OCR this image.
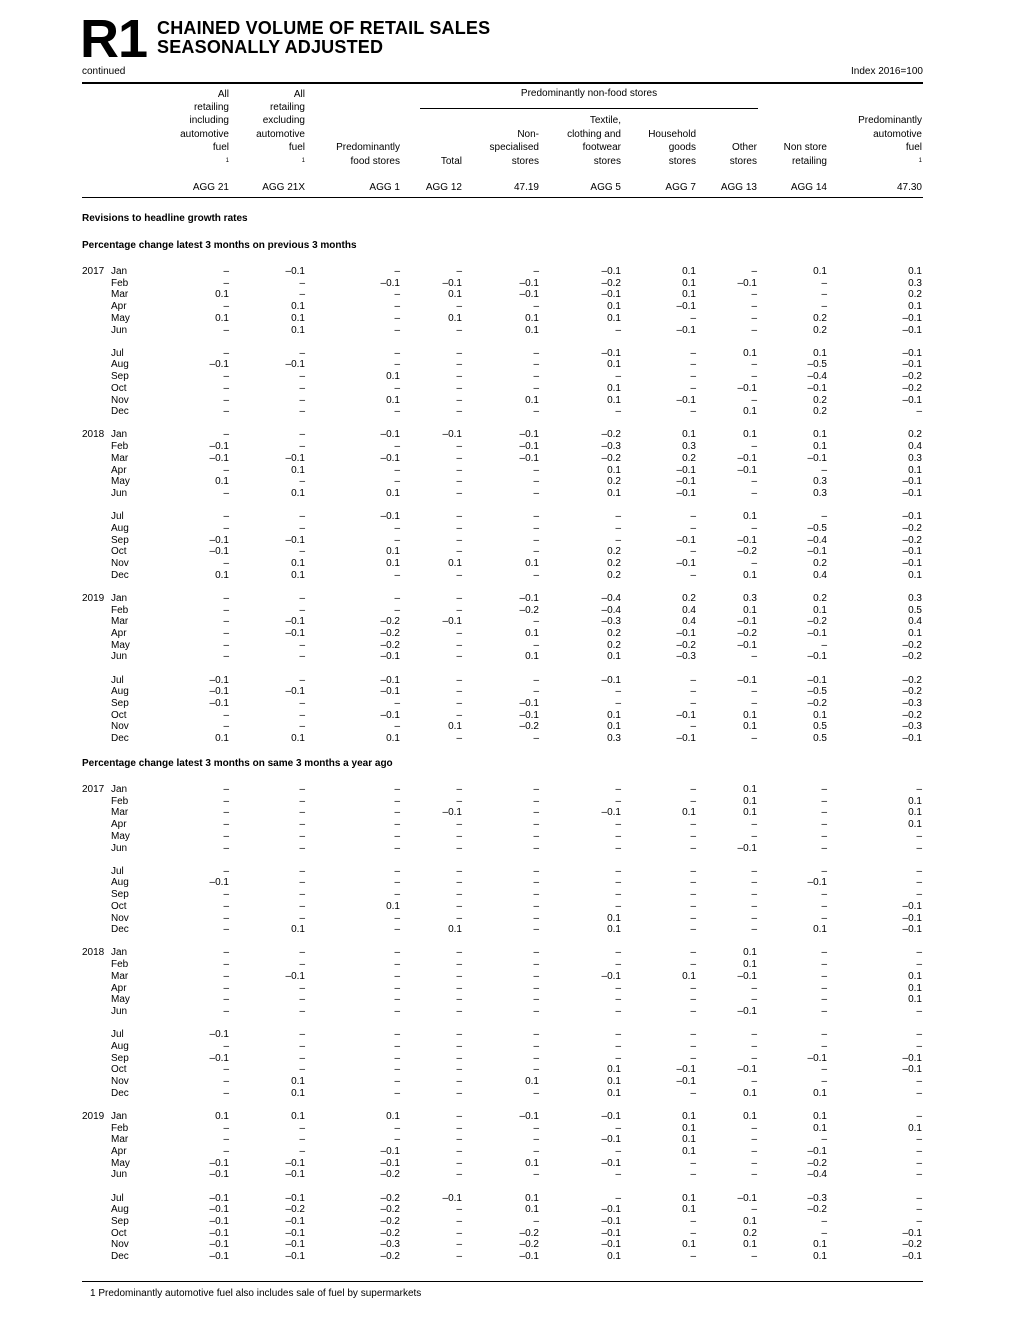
R1 CHAINED VOLUME OF RETAIL SALES
SEASONALLY ADJUSTED
continued	Index 2016=100
Predominantly non-food stores
All
retailing
including
automotive
fuel
1
AGG 21
All
retailing
excluding
automotive
fuel
1
AGG 21X
Predominantly
food stores
AGG 1
Total
AGG 12
Non-
specialised
stores
47.19
Textile,
clothing and
footwear
stores
AGG 5
Household
goods
stores
AGG 7
Other
stores
AGG 13
Non store
retailing
AGG 14
Predominantly
automotive
fuel
1
47.30
Revisions to headline growth rates
Percentage change latest 3 months on previous 3 months
2017 Jan	–	–0.1	–	–	–	–0.1	0.1	–	0.1	0.1
Feb	–	–	–0.1	–0.1	–0.1	–0.2	0.1	–0.1	–	0.3
Mar	0.1	–	–	0.1	–0.1	–0.1	0.1	–	–	0.2
Apr	–	0.1	–	–	–	0.1	–0.1	–	–	0.1
May	0.1	0.1	–	0.1	0.1	0.1	–	–	0.2	–0.1
Jun	–	0.1	–	–	0.1	–	–0.1	–	0.2	–0.1
Jul	–	–	–	–	–	–0.1	–	0.1	0.1	–0.1
Aug	–0.1	–0.1	–	–	–	0.1	–	–	–0.5	–0.1
Sep	–	–	0.1	–	–	–	–	–	–0.4	–0.2
Oct	–	–	–	–	–	0.1	–	–0.1	–0.1	–0.2
Nov	–	–	0.1	–	0.1	0.1	–0.1	–	0.2	–0.1
Dec	–	–	–	–	–	–	–	0.1	0.2	–
2018 Jan	–	–	–0.1	–0.1	–0.1	–0.2	0.1	0.1	0.1	0.2
Feb	–0.1	–	–	–	–0.1	–0.3	0.3	–	0.1	0.4
Mar	–0.1	–0.1	–0.1	–	–0.1	–0.2	0.2	–0.1	–0.1	0.3
Apr	–	0.1	–	–	–	0.1	–0.1	–0.1	–	0.1
May	0.1	–	–	–	–	0.2	–0.1	–	0.3	–0.1
Jun	–	0.1	0.1	–	–	0.1	–0.1	–	0.3	–0.1
Jul	–	–	–0.1	–	–	–	–	0.1	–	–0.1
Aug	–	–	–	–	–	–	–	–	–0.5	–0.2
Sep	–0.1	–0.1	–	–	–	–	–0.1	–0.1	–0.4	–0.2
Oct	–0.1	–	0.1	–	–	0.2	–	–0.2	–0.1	–0.1
Nov	–	0.1	0.1	0.1	0.1	0.2	–0.1	–	0.2	–0.1
Dec	0.1	0.1	–	–	–	0.2	–	0.1	0.4	0.1
2019 Jan	–	–	–	–	–0.1	–0.4	0.2	0.3	0.2	0.3
Feb	–	–	–	–	–0.2	–0.4	0.4	0.1	0.1	0.5
Mar	–	–0.1	–0.2	–0.1	–	–0.3	0.4	–0.1	–0.2	0.4
Apr	–	–0.1	–0.2	–	0.1	0.2	–0.1	–0.2	–0.1	0.1
May	–	–	–0.2	–	–	0.2	–0.2	–0.1	–	–0.2
Jun	–	–	–0.1	–	0.1	0.1	–0.3	–	–0.1	–0.2
Jul	–0.1	–	–0.1	–	–	–0.1	–	–0.1	–0.1	–0.2
Aug	–0.1	–0.1	–0.1	–	–	–	–	–	–0.5	–0.2
Sep	–0.1	–	–	–	–0.1	–	–	–	–0.2	–0.3
Oct	–	–	–0.1	–	–0.1	0.1	–0.1	0.1	0.1	–0.2
Nov	–	–	–	0.1	–0.2	0.1	–	0.1	0.5	–0.3
Dec	0.1	0.1	0.1	–	–	0.3	–0.1	–	0.5	–0.1
Percentage change latest 3 months on same 3 months a year ago
2017 Jan	–	–	–	–	–	–	–	0.1	–	–
Feb	–	–	–	–	–	–	–	0.1	–	0.1
Mar	–	–	–	–0.1	–	–0.1	0.1	0.1	–	0.1
Apr	–	–	–	–	–	–	–	–	–	0.1
May	–	–	–	–	–	–	–	–	–	–
Jun	–	–	–	–	–	–	–	–0.1	–	–
Jul	–	–	–	–	–	–	–	–	–	–
Aug	–0.1	–	–	–	–	–	–	–	–0.1	–
Sep	–	–	–	–	–	–	–	–	–	–
Oct	–	–	0.1	–	–	–	–	–	–	–0.1
Nov	–	–	–	–	–	0.1	–	–	–	–0.1
Dec	–	0.1	–	0.1	–	0.1	–	–	0.1	–0.1
2018 Jan	–	–	–	–	–	–	–	0.1	–	–
Feb	–	–	–	–	–	–	–	0.1	–	–
Mar	–	–0.1	–	–	–	–0.1	0.1	–0.1	–	0.1
Apr	–	–	–	–	–	–	–	–	–	0.1
May	–	–	–	–	–	–	–	–	–	0.1
Jun	–	–	–	–	–	–	–	–0.1	–	–
Jul	–0.1	–	–	–	–	–	–	–	–	–
Aug	–	–	–	–	–	–	–	–	–	–
Sep	–0.1	–	–	–	–	–	–	–	–0.1	–0.1
Oct	–	–	–	–	–	0.1	–0.1	–0.1	–	–0.1
Nov	–	0.1	–	–	0.1	0.1	–0.1	–	–	–
Dec	–	0.1	–	–	–	0.1	–	0.1	0.1	–
2019 Jan	0.1	0.1	0.1	–	–0.1	–0.1	0.1	0.1	0.1	–
Feb	–	–	–	–	–	–	0.1	–	0.1	0.1
Mar	–	–	–	–	–	–0.1	0.1	–	–	–
Apr	–	–	–0.1	–	–	–	0.1	–	–0.1	–
May	–0.1	–0.1	–0.1	–	0.1	–0.1	–	–	–0.2	–
Jun	–0.1	–0.1	–0.2	–	–	–	–	–	–0.4	–
Jul	–0.1	–0.1	–0.2	–0.1	0.1	–	0.1	–0.1	–0.3	–
Aug	–0.1	–0.2	–0.2	–	0.1	–0.1	0.1	–	–0.2	–
Sep	–0.1	–0.1	–0.2	–	–	–0.1	–	0.1	–	–
Oct	–0.1	–0.1	–0.2	–	–0.2	–0.1	–	0.2	–	–0.1
Nov	–0.1	–0.1	–0.3	–	–0.2	–0.1	0.1	0.1	0.1	–0.2
Dec	–0.1	–0.1	–0.2	–	–0.1	0.1	–	–	0.1	–0.1
1 Predominantly automotive fuel also includes sale of fuel by supermarkets
